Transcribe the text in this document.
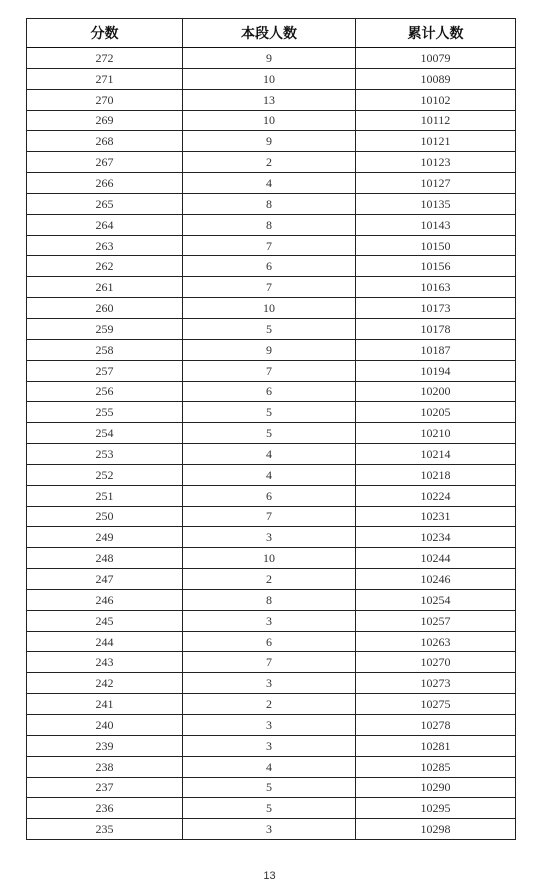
分数	本段人数	累计人数
272	9	10079
271	10	10089
270	13	10102
269	10	10112
268	9	10121
267	2	10123
266	4	10127
265	8	10135
264	8	10143
263	7	10150
262	6	10156
261	7	10163
260	10	10173
259	5	10178
258	9	10187
257	7	10194
256	6	10200
255	5	10205
254	5	10210
253	4	10214
252	4	10218
251	6	10224
250	7	10231
249	3	10234
248	10	10244
247	2	10246
246	8	10254
245	3	10257
244	6	10263
243	7	10270
242	3	10273
241	2	10275
240	3	10278
239	3	10281
238	4	10285
237	5	10290
236	5	10295
235	3	10298
13
